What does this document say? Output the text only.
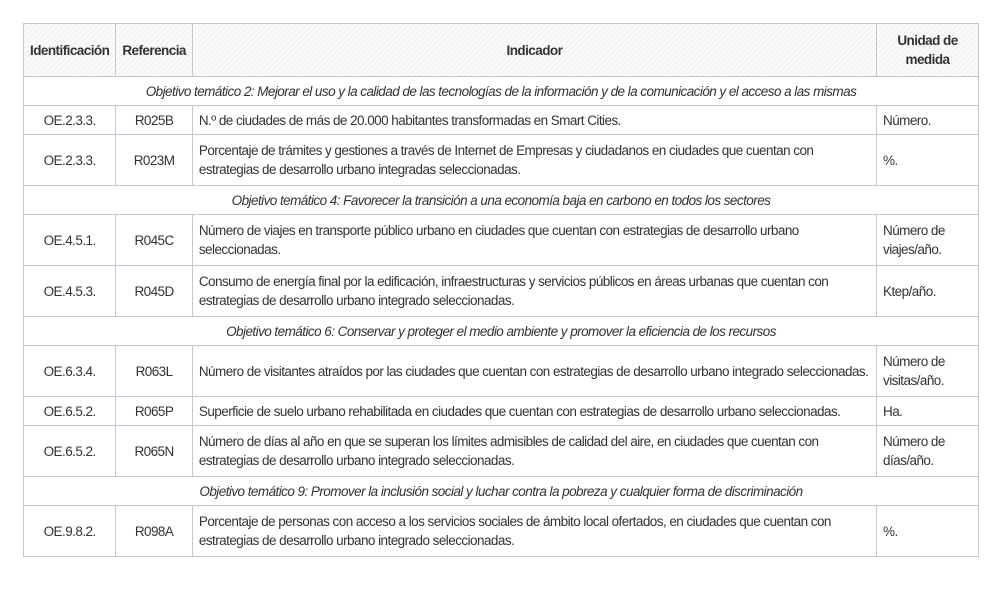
Identificación	Referencia	Indicador	Unidad de medida
Objetivo temático 2: Mejorar el uso y la calidad de las tecnologías de la información y de la comunicación y el acceso a las mismas			
OE.2.3.3.	R025B	N.º de ciudades de más de 20.000 habitantes transformadas en Smart Cities.	Número.
OE.2.3.3.	R023M	Porcentaje de trámites y gestiones a través de Internet de Empresas y ciudadanos en ciudades que cuentan con estrategias de desarrollo urbano integradas seleccionadas.	%.
Objetivo temático 4: Favorecer la transición a una economía baja en carbono en todos los sectores			
OE.4.5.1.	R045C	Número de viajes en transporte público urbano en ciudades que cuentan con estrategias de desarrollo urbano seleccionadas.	Número de viajes/año.
OE.4.5.3.	R045D	Consumo de energía final por la edificación, infraestructuras y servicios públicos en áreas urbanas que cuentan con estrategias de desarrollo urbano integrado seleccionadas.	Ktep/año.
Objetivo temático 6: Conservar y proteger el medio ambiente y promover la eficiencia de los recursos			
OE.6.3.4.	R063L	Número de visitantes atraídos por las ciudades que cuentan con estrategias de desarrollo urbano integrado seleccionadas.	Número de visitas/año.
OE.6.5.2.	R065P	Superficie de suelo urbano rehabilitada en ciudades que cuentan con estrategias de desarrollo urbano seleccionadas.	Ha.
OE.6.5.2.	R065N	Número de días al año en que se superan los límites admisibles de calidad del aire, en ciudades que cuentan con estrategias de desarrollo urbano integrado seleccionadas.	Número de días/año.
Objetivo temático 9: Promover la inclusión social y luchar contra la pobreza y cualquier forma de discriminación			
OE.9.8.2.	R098A	Porcentaje de personas con acceso a los servicios sociales de ámbito local ofertados, en ciudades que cuentan con estrategias de desarrollo urbano integrado seleccionadas.	%.
